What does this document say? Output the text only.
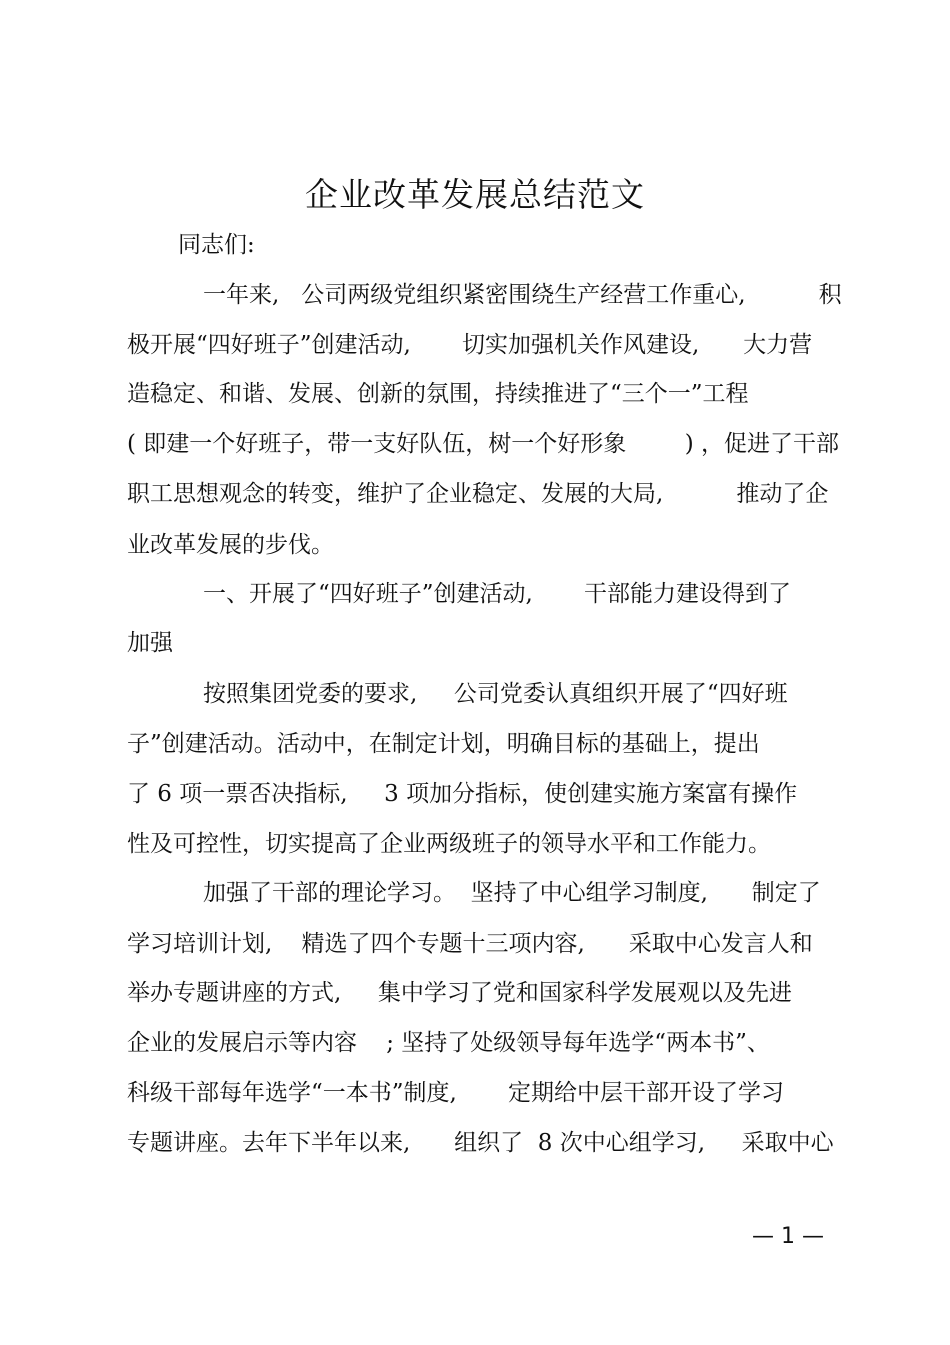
企业改革发展总结范文
同志们:
一年来,   公司两级党组织紧密围绕生产经营工作重心,          积
极开展“四好班子”创建活动,       切实加强机关作风建设,      大力营
造稳定、和谐、发展、创新的氛围，持续推进了“三个一”工程
( 即建一个好班子，带一支好队伍，树一个好形象        ) ，促进了干部
职工思想观念的转变，维护了企业稳定、发展的大局,          推动了企
业改革发展的步伐。
一、开展了“四好班子”创建活动,       干部能力建设得到了
加强
按照集团党委的要求,     公司党委认真组织开展了“四好班
子”创建活动。活动中，在制定计划，明确目标的基础上，提出
了 6 项一票否决指标,     3 项加分指标，使创建实施方案富有操作
性及可控性，切实提高了企业两级班子的领导水平和工作能力。
加强了干部的理论学习。  坚持了中心组学习制度,      制定了
学习培训计划,    精选了四个专题十三项内容,      采取中心发言人和
举办专题讲座的方式,     集中学习了党和国家科学发展观以及先进
企业的发展启示等内容    ; 坚持了处级领导每年选学“两本书”、
科级干部每年选学“一本书”制度,       定期给中层干部开设了学习
专题讲座。去年下半年以来,      组织了  8 次中心组学习,     采取中心
— 1 —
